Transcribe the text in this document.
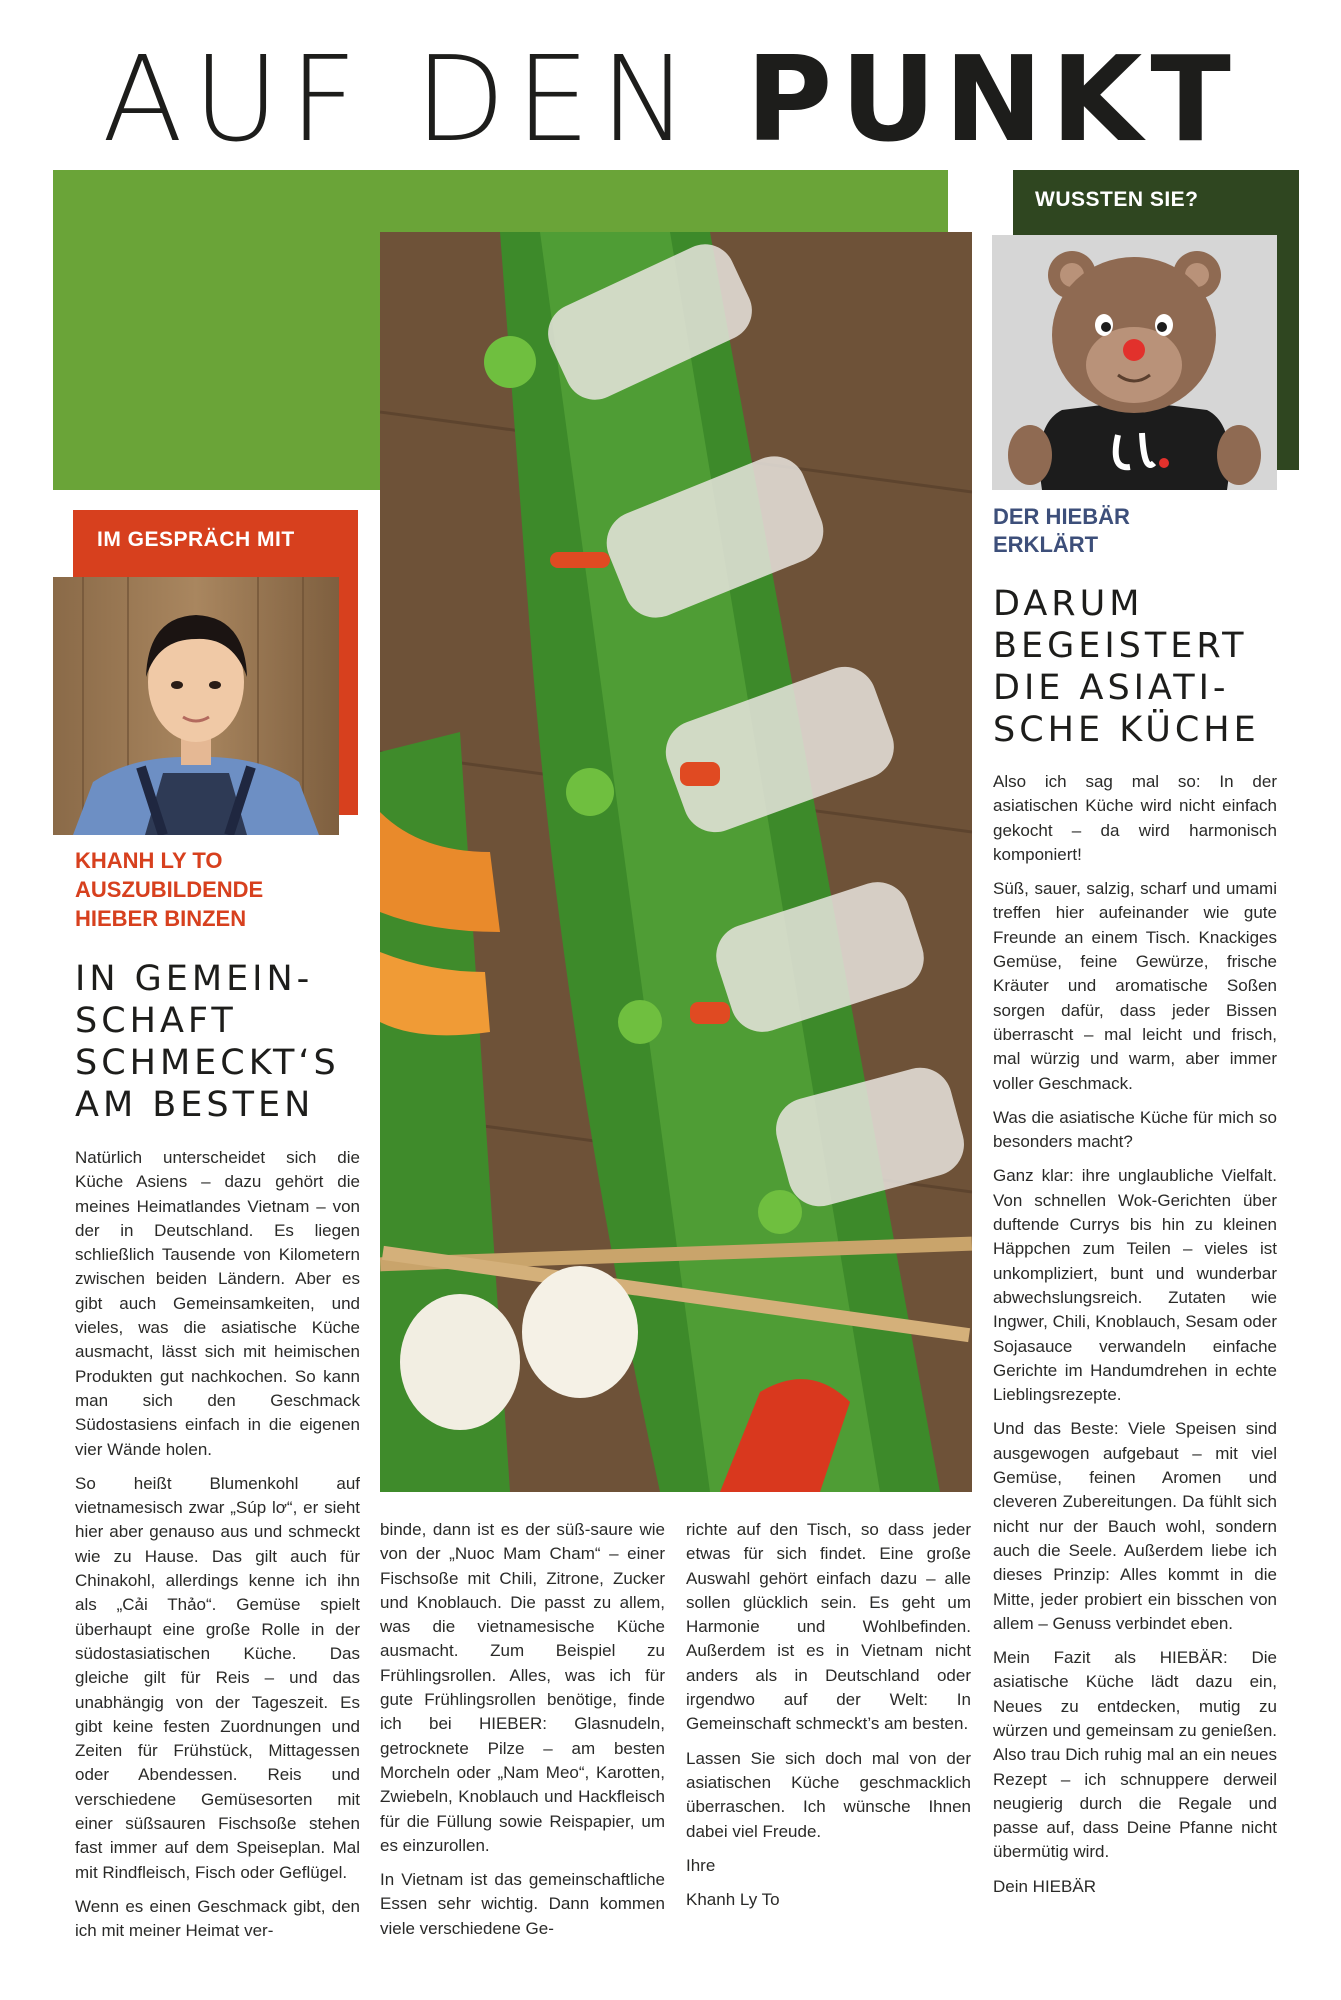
AUF DEN PUNKT
WUSSTEN SIE?
IM GESPRÄCH MIT
KHANH LY TO
AUSZUBILDENDE
HIEBER BINZEN
IN GEMEIN-
SCHAFT
SCHMECKT‘S
AM BESTEN
DER HIEBÄR
ERKLÄRT
DARUM
BEGEISTERT
DIE ASIATI-
SCHE KÜCHE

Natürlich unterscheidet sich die Küche Asiens – dazu gehört die meines Heimatlandes Vietnam – von der in Deutschland. Es liegen schließlich Tausende von Kilometern zwischen beiden Ländern. Aber es gibt auch Gemeinsamkeiten, und vieles, was die asiatische Küche ausmacht, lässt sich mit heimischen Produkten gut nachkochen. So kann man sich den Geschmack Südostasiens einfach in die eigenen vier Wände holen.

So heißt Blumenkohl auf vietnamesisch zwar „Súp lơ“, er sieht hier aber genauso aus und schmeckt wie zu Hause. Das gilt auch für Chinakohl, allerdings kenne ich ihn als „Cải Thảo“. Gemüse spielt überhaupt eine große Rolle in der südostasiatischen Küche. Das gleiche gilt für Reis – und das unabhängig von der Tageszeit. Es gibt keine festen Zuordnungen und Zeiten für Frühstück, Mittagessen oder Abendessen. Reis und verschiedene Gemüsesorten mit einer süßsauren Fischsoße stehen fast immer auf dem Speiseplan. Mal mit Rindfleisch, Fisch oder Geflügel.

Wenn es einen Geschmack gibt, den ich mit meiner Heimat ver-

binde, dann ist es der süß-saure wie von der „Nuoc Mam Cham“ – einer Fischsoße mit Chili, Zitrone, Zucker und Knoblauch. Die passt zu allem, was die vietnamesische Küche ausmacht. Zum Beispiel zu Frühlingsrollen. Alles, was ich für gute Frühlingsrollen benötige, finde ich bei HIEBER: Glasnudeln, getrocknete Pilze – am besten Morcheln oder „Nam Meo“, Karotten, Zwiebeln, Knoblauch und Hackfleisch für die Füllung sowie Reispapier, um es einzurollen.

In Vietnam ist das gemeinschaftliche Essen sehr wichtig. Dann kommen viele verschiedene Ge-

richte auf den Tisch, so dass jeder etwas für sich findet. Eine große Auswahl gehört einfach dazu – alle sollen glücklich sein. Es geht um Harmonie und Wohlbefinden. Außerdem ist es in Vietnam nicht anders als in Deutschland oder irgendwo auf der Welt: In Gemeinschaft schmeckt’s am besten.

Lassen Sie sich doch mal von der asiatischen Küche geschmacklich überraschen. Ich wünsche Ihnen dabei viel Freude.

Ihre

Khanh Ly To

Also ich sag mal so: In der asiatischen Küche wird nicht einfach gekocht – da wird harmonisch komponiert!

Süß, sauer, salzig, scharf und umami treffen hier aufeinander wie gute Freunde an einem Tisch. Knackiges Gemüse, feine Gewürze, frische Kräuter und aromatische Soßen sorgen dafür, dass jeder Bissen überrascht – mal leicht und frisch, mal würzig und warm, aber immer voller Geschmack.

Was die asiatische Küche für mich so besonders macht?

Ganz klar: ihre unglaubliche Vielfalt. Von schnellen Wok-Gerichten über duftende Currys bis hin zu kleinen Häppchen zum Teilen – vieles ist unkompliziert, bunt und wunderbar abwechslungsreich. Zutaten wie Ingwer, Chili, Knoblauch, Sesam oder Sojasauce verwandeln einfache Gerichte im Handumdrehen in echte Lieblingsrezepte.

Und das Beste: Viele Speisen sind ausgewogen aufgebaut – mit viel Gemüse, feinen Aromen und cleveren Zubereitungen. Da fühlt sich nicht nur der Bauch wohl, sondern auch die Seele. Außerdem liebe ich dieses Prinzip: Alles kommt in die Mitte, jeder probiert ein bisschen von allem – Genuss verbindet eben.

Mein Fazit als HIEBÄR: Die asiatische Küche lädt dazu ein, Neues zu entdecken, mutig zu würzen und gemeinsam zu genießen. Also trau Dich ruhig mal an ein neues Rezept – ich schnuppere derweil neugierig durch die Regale und passe auf, dass Deine Pfanne nicht übermütig wird.

Dein HIEBÄR
